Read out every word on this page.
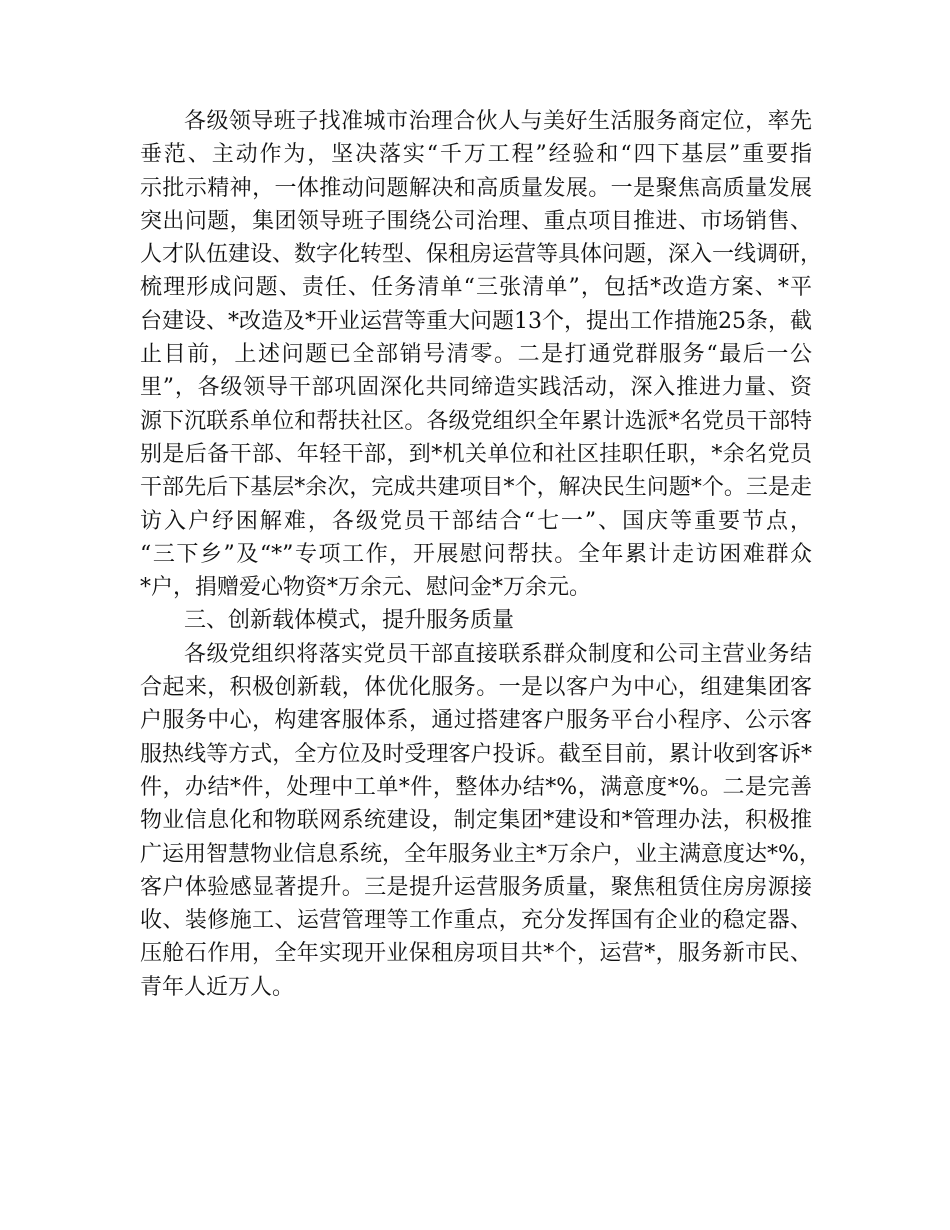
各级领导班子找准城市治理合伙人与美好生活服务商定位，率先
垂范、主动作为，坚决落实“千万工程”经验和“四下基层”重要指
示批示精神，一体推动问题解决和高质量发展。一是聚焦高质量发展
突出问题，集团领导班子围绕公司治理、重点项目推进、市场销售、
人才队伍建设、数字化转型、保租房运营等具体问题，深入一线调研，
梳理形成问题、责任、任务清单“三张清单”，包括*改造方案、*平
台建设、*改造及*开业运营等重大问题13个，提出工作措施25条，截
止目前，上述问题已全部销号清零。二是打通党群服务“最后一公
里”，各级领导干部巩固深化共同缔造实践活动，深入推进力量、资
源下沉联系单位和帮扶社区。各级党组织全年累计选派*名党员干部特
别是后备干部、年轻干部，到*机关单位和社区挂职任职，*余名党员
干部先后下基层*余次，完成共建项目*个，解决民生问题*个。三是走
访入户纾困解难，各级党员干部结合“七一”、国庆等重要节点，
“三下乡”及“*”专项工作，开展慰问帮扶。全年累计走访困难群众
*户，捐赠爱心物资*万余元、慰问金*万余元。
三、创新载体模式，提升服务质量
各级党组织将落实党员干部直接联系群众制度和公司主营业务结
合起来，积极创新载，体优化服务。一是以客户为中心，组建集团客
户服务中心，构建客服体系，通过搭建客户服务平台小程序、公示客
服热线等方式，全方位及时受理客户投诉。截至目前，累计收到客诉*
件，办结*件，处理中工单*件，整体办结*%，满意度*%。二是完善
物业信息化和物联网系统建设，制定集团*建设和*管理办法，积极推
广运用智慧物业信息系统，全年服务业主*万余户，业主满意度达*%，
客户体验感显著提升。三是提升运营服务质量，聚焦租赁住房房源接
收、装修施工、运营管理等工作重点，充分发挥国有企业的稳定器、
压舱石作用，全年实现开业保租房项目共*个，运营*，服务新市民、
青年人近万人。
